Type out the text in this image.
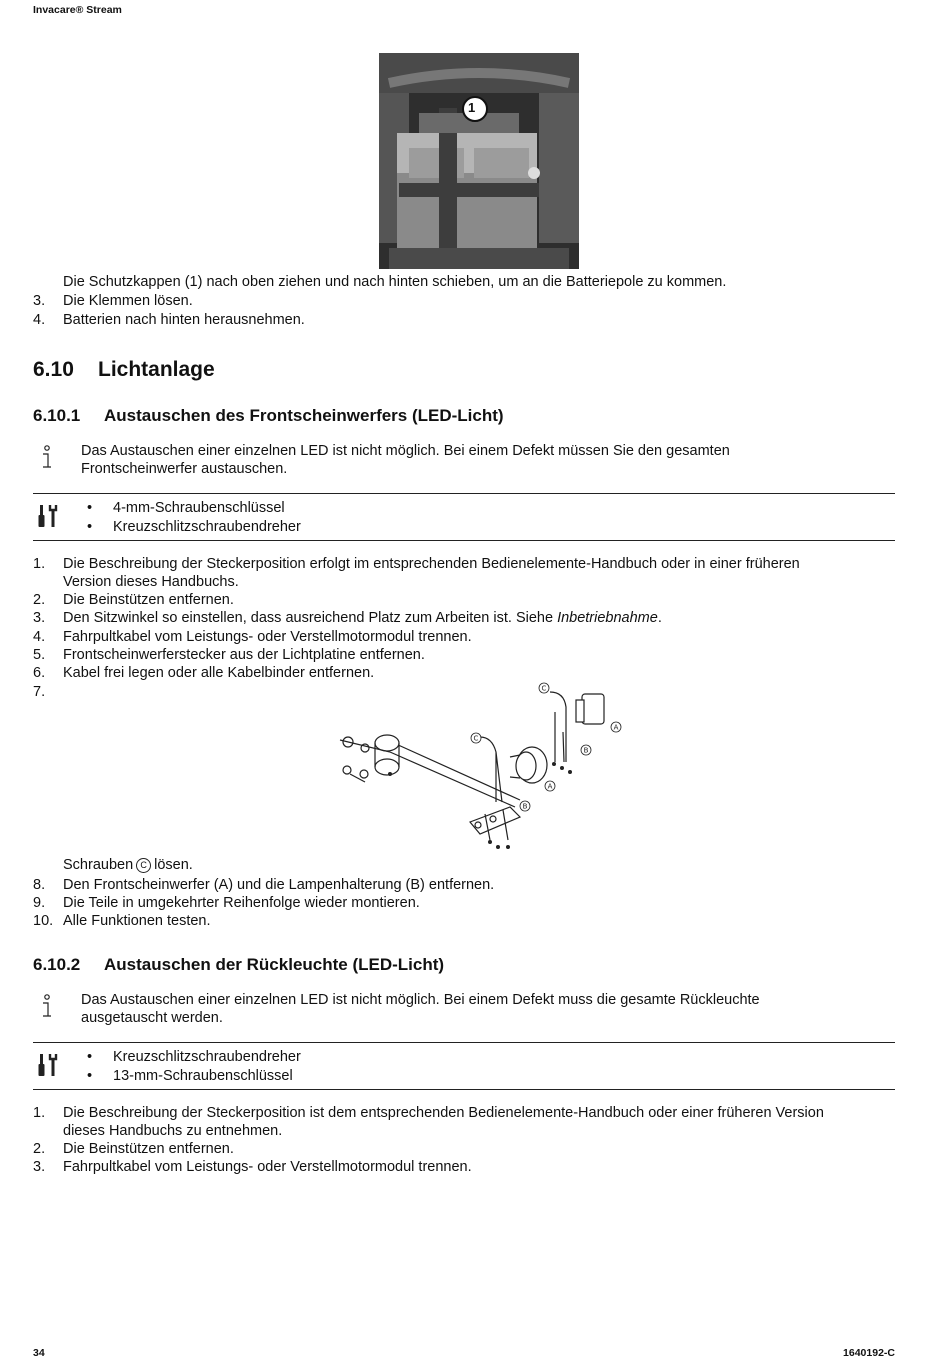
Invacare® Stream
1
Die Schutzkappen (1) nach oben ziehen und nach hinten schieben, um an die Batteriepole zu kommen.
3. Die Klemmen lösen.
4. Batterien nach hinten herausnehmen.
6.10 Lichtanlage
6.10.1 Austauschen des Frontscheinwerfers (LED-Licht)
Das Austauschen einer einzelnen LED ist nicht möglich. Bei einem Defekt müssen Sie den gesamten
Frontscheinwerfer austauschen.
• 4-mm-Schraubenschlüssel
• Kreuzschlitzschraubendreher
1. Die Beschreibung der Steckerposition erfolgt im entsprechenden Bedienelemente-Handbuch oder in einer früheren
Version dieses Handbuchs.
2. Die Beinstützen entfernen.
3. Den Sitzwinkel so einstellen, dass ausreichend Platz zum Arbeiten ist. Siehe Inbetriebnahme.
4. Fahrpultkabel vom Leistungs- oder Verstellmotormodul trennen.
5. Frontscheinwerferstecker aus der Lichtplatine entfernen.
6. Kabel frei legen oder alle Kabelbinder entfernen.
7.	C
C
A
B
A
B
Schrauben C lösen.
8. Den Frontscheinwerfer (A) und die Lampenhalterung (B) entfernen.
9. Die Teile in umgekehrter Reihenfolge wieder montieren.
10. Alle Funktionen testen.
6.10.2 Austauschen der Rückleuchte (LED-Licht)
Das Austauschen einer einzelnen LED ist nicht möglich. Bei einem Defekt muss die gesamte Rückleuchte
ausgetauscht werden.
• Kreuzschlitzschraubendreher
• 13-mm-Schraubenschlüssel
1. Die Beschreibung der Steckerposition ist dem entsprechenden Bedienelemente-Handbuch oder einer früheren Version
dieses Handbuchs zu entnehmen.
2. Die Beinstützen entfernen.
3. Fahrpultkabel vom Leistungs- oder Verstellmotormodul trennen.
34	1640192-C
